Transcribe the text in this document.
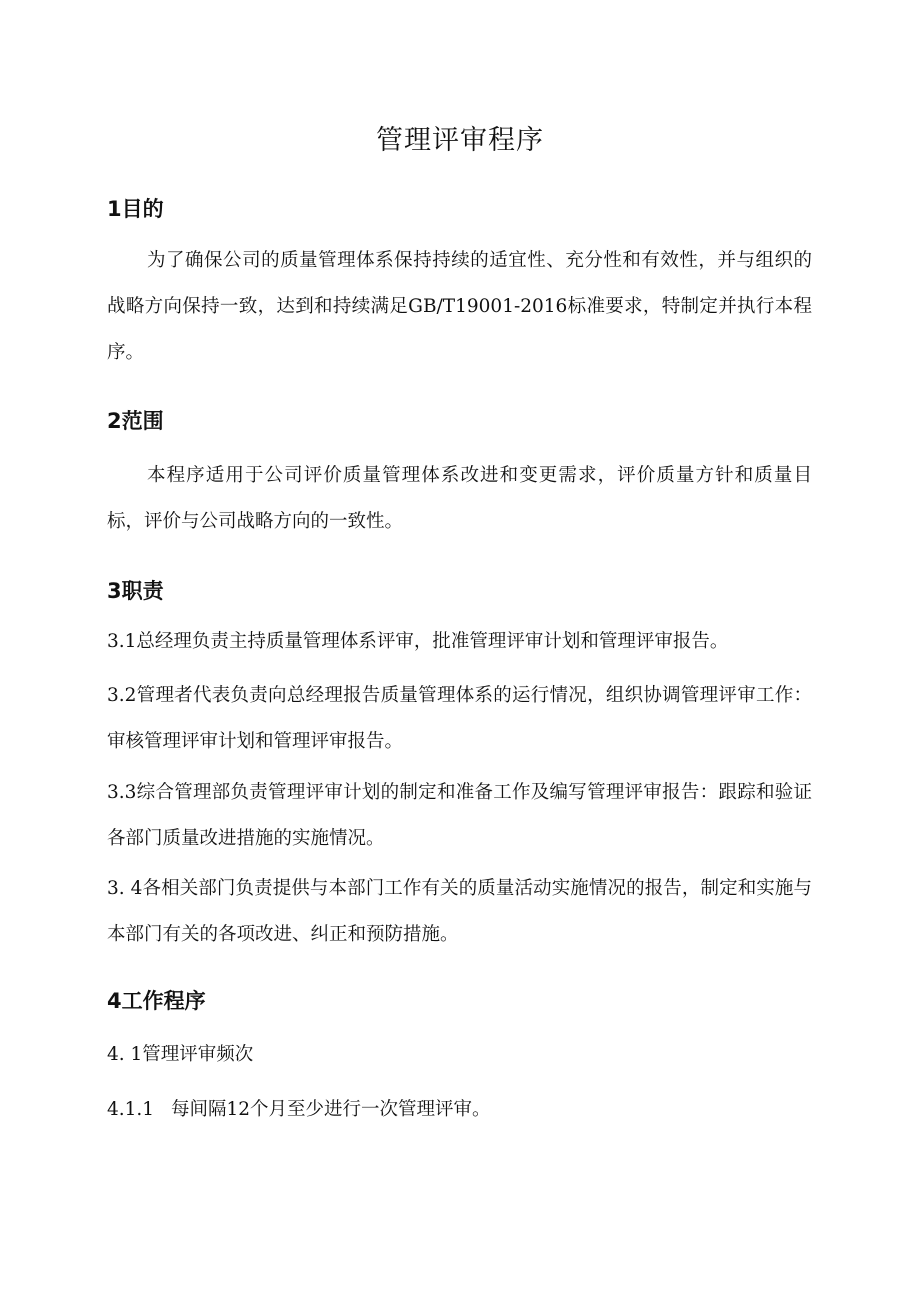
管理评审程序
1目的

为了确保公司的质量管理体系保持持续的适宜性、充分性和有效性，并与组织的战略方向保持一致，达到和持续满足GB/T19001-2016标准要求，特制定并执行本程序。

2范围

本程序适用于公司评价质量管理体系改进和变更需求，评价质量方针和质量目标，评价与公司战略方向的一致性。

3职责

3.1总经理负责主持质量管理体系评审，批准管理评审计划和管理评审报告。

3.2管理者代表负责向总经理报告质量管理体系的运行情况，组织协调管理评审工作：审核管理评审计划和管理评审报告。

3.3综合管理部负责管理评审计划的制定和准备工作及编写管理评审报告：跟踪和验证各部门质量改进措施的实施情况。

3. 4各相关部门负责提供与本部门工作有关的质量活动实施情况的报告，制定和实施与本部门有关的各项改进、纠正和预防措施。

4工作程序
4. 1管理评审频次
4.1.1 每间隔12个月至少进行一次管理评审。
